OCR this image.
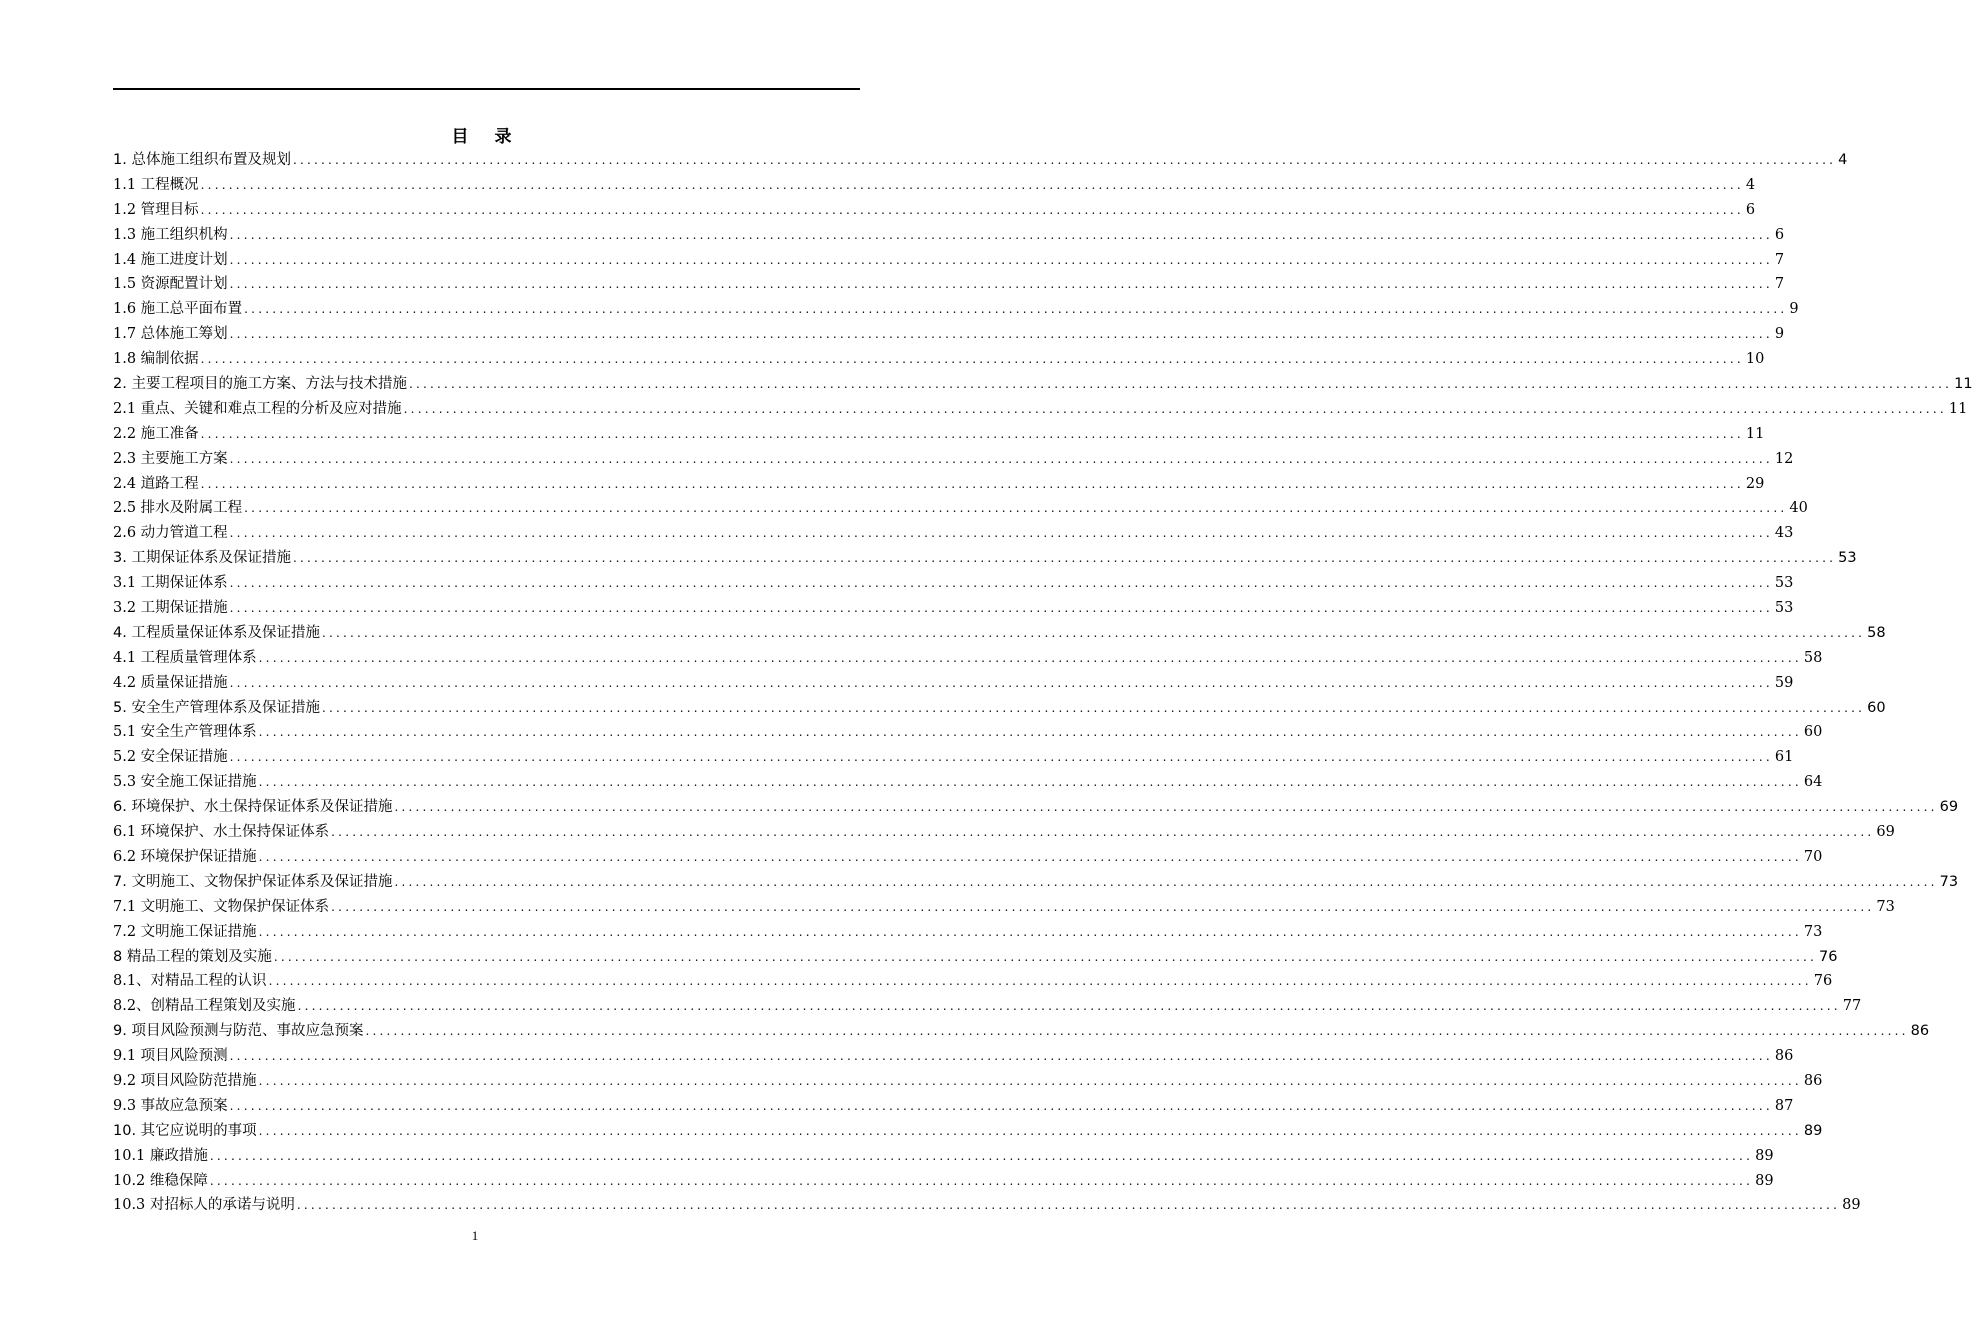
目 录
1. 总体施工组织布置及规划 ............................................................................................................................................................................................................................ 4
1.1 工程概况 ............................................................................................................................................................................................................................ 4
1.2 管理目标 ............................................................................................................................................................................................................................ 6
1.3 施工组织机构 ............................................................................................................................................................................................................................ 6
1.4 施工进度计划 ............................................................................................................................................................................................................................ 7
1.5 资源配置计划 ............................................................................................................................................................................................................................ 7
1.6 施工总平面布置 ............................................................................................................................................................................................................................ 9
1.7 总体施工筹划 ............................................................................................................................................................................................................................ 9
1.8 编制依据 ............................................................................................................................................................................................................................ 10
2. 主要工程项目的施工方案、方法与技术措施 ............................................................................................................................................................................................................................ 11
2.1 重点、关键和难点工程的分析及应对措施 ............................................................................................................................................................................................................................ 11
2.2 施工准备 ............................................................................................................................................................................................................................ 11
2.3 主要施工方案 ............................................................................................................................................................................................................................ 12
2.4 道路工程 ............................................................................................................................................................................................................................ 29
2.5 排水及附属工程 ............................................................................................................................................................................................................................ 40
2.6 动力管道工程 ............................................................................................................................................................................................................................ 43
3. 工期保证体系及保证措施 ............................................................................................................................................................................................................................ 53
3.1 工期保证体系 ............................................................................................................................................................................................................................ 53
3.2 工期保证措施 ............................................................................................................................................................................................................................ 53
4. 工程质量保证体系及保证措施 ............................................................................................................................................................................................................................ 58
4.1 工程质量管理体系 ............................................................................................................................................................................................................................ 58
4.2 质量保证措施 ............................................................................................................................................................................................................................ 59
5. 安全生产管理体系及保证措施 ............................................................................................................................................................................................................................ 60
5.1 安全生产管理体系 ............................................................................................................................................................................................................................ 60
5.2 安全保证措施 ............................................................................................................................................................................................................................ 61
5.3 安全施工保证措施 ............................................................................................................................................................................................................................ 64
6. 环境保护、水土保持保证体系及保证措施 ............................................................................................................................................................................................................................ 69
6.1 环境保护、水土保持保证体系 ............................................................................................................................................................................................................................ 69
6.2 环境保护保证措施 ............................................................................................................................................................................................................................ 70
7. 文明施工、文物保护保证体系及保证措施 ............................................................................................................................................................................................................................ 73
7.1 文明施工、文物保护保证体系 ............................................................................................................................................................................................................................ 73
7.2 文明施工保证措施 ............................................................................................................................................................................................................................ 73
8 精品工程的策划及实施 ............................................................................................................................................................................................................................ 76
8.1、对精品工程的认识 ............................................................................................................................................................................................................................ 76
8.2、创精品工程策划及实施 ............................................................................................................................................................................................................................ 77
9. 项目风险预测与防范、事故应急预案 ............................................................................................................................................................................................................................ 86
9.1 项目风险预测 ............................................................................................................................................................................................................................ 86
9.2 项目风险防范措施 ............................................................................................................................................................................................................................ 86
9.3 事故应急预案 ............................................................................................................................................................................................................................ 87
10. 其它应说明的事项 ............................................................................................................................................................................................................................ 89
10.1 廉政措施 ............................................................................................................................................................................................................................ 89
10.2 维稳保障 ............................................................................................................................................................................................................................ 89
10.3 对招标人的承诺与说明 ............................................................................................................................................................................................................................ 89
1
